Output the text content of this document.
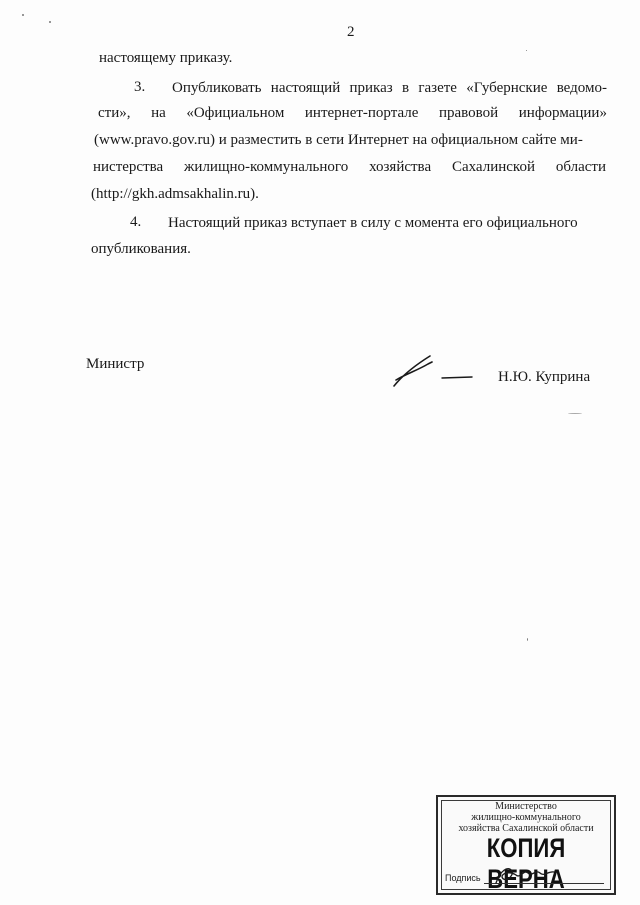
2
настоящему приказу.
3. Опубликовать настоящий приказ в газете «Губернские ведомо-
сти», на «Официальном интернет-портале правовой информации»
(www.pravo.gov.ru) и разместить в сети Интернет на официальном сайте ми-
нистерства жилищно-коммунального хозяйства Сахалинской области
(http://gkh.admsakhalin.ru).
4. Настоящий приказ вступает в силу с момента его официального
опубликования.
Министр
Н.Ю. Куприна
Министерство
жилищно-коммунального
хозяйства Сахалинской области
КОПИЯ ВЕРНА
Подпись
